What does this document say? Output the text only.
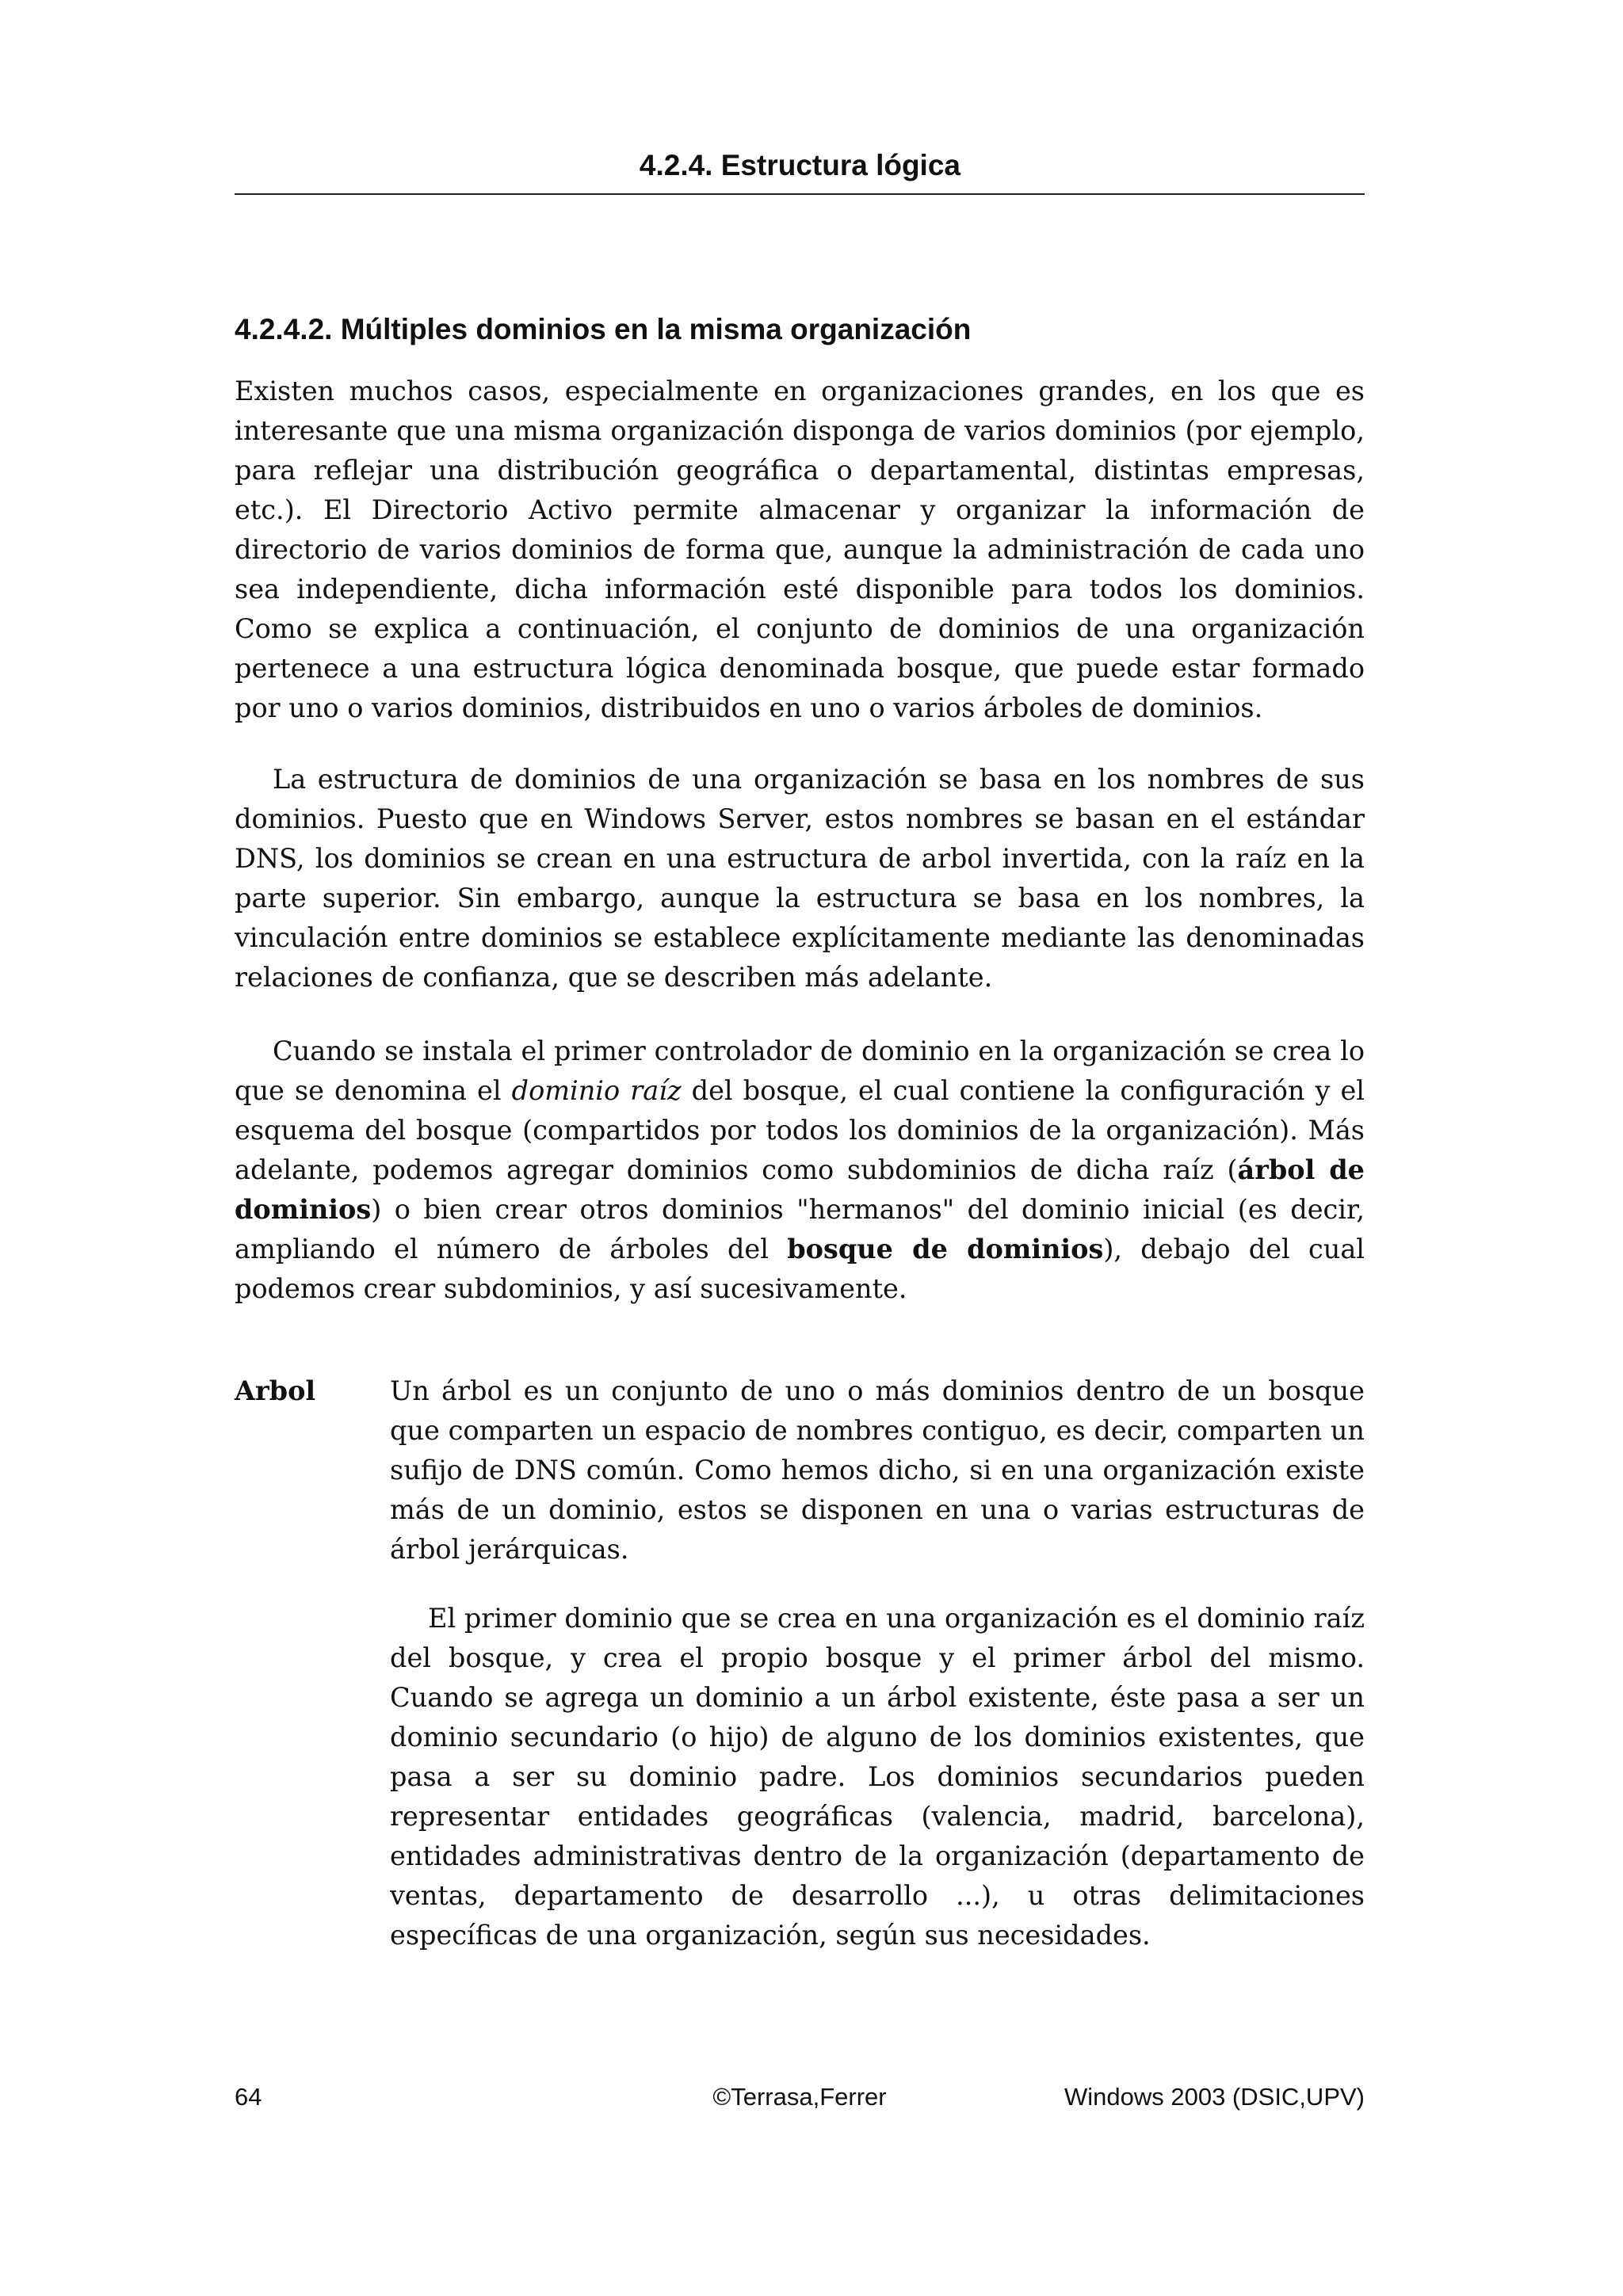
4.2.4. Estructura lógica
4.2.4.2. Múltiples dominios en la misma organización

Existen muchos casos, especialmente en organizaciones grandes, en los que es interesante que una misma organización disponga de varios dominios (por ejemplo, para reflejar una distribución geográfica o departamental, distintas empresas, etc.). El Directorio Activo permite almacenar y organizar la información de directorio de varios dominios de forma que, aunque la administración de cada uno sea independiente, dicha información esté disponible para todos los dominios. Como se explica a continuación, el conjunto de dominios de una organización pertenece a una estructura lógica denominada bosque, que puede estar formado por uno o varios dominios, distribuidos en uno o varios árboles de dominios.

La estructura de dominios de una organización se basa en los nombres de sus dominios. Puesto que en Windows Server, estos nombres se basan en el estándar DNS, los dominios se crean en una estructura de arbol invertida, con la raíz en la parte superior. Sin embargo, aunque la estructura se basa en los nombres, la vinculación entre dominios se establece explícitamente mediante las denominadas relaciones de confianza, que se describen más adelante.

Cuando se instala el primer controlador de dominio en la organización se crea lo que se denomina el dominio raíz del bosque, el cual contiene la configuración y el esquema del bosque (compartidos por todos los dominios de la organización). Más adelante, podemos agregar dominios como subdominios de dicha raíz (árbol de dominios) o bien crear otros dominios "hermanos" del dominio inicial (es decir, ampliando el número de árboles del bosque de dominios), debajo del cual podemos crear subdominios, y así sucesivamente.

Arbol	Un árbol es un conjunto de uno o más dominios dentro de un bosque que comparten un espacio de nombres contiguo, es decir, comparten un sufijo de DNS común. Como hemos dicho, si en una organización existe más de un dominio, estos se disponen en una o varias estructuras de árbol jerárquicas.

El primer dominio que se crea en una organización es el dominio raíz del bosque, y crea el propio bosque y el primer árbol del mismo. Cuando se agrega un dominio a un árbol existente, éste pasa a ser un dominio secundario (o hijo) de alguno de los dominios existentes, que pasa a ser su dominio padre. Los dominios secundarios pueden representar entidades geográficas (valencia, madrid, barcelona), entidades administrativas dentro de la organización (departamento de ventas, departamento de desarrollo ...), u otras delimitaciones específicas de una organización, según sus necesidades.

64	©Terrasa,Ferrer	Windows 2003 (DSIC,UPV)
